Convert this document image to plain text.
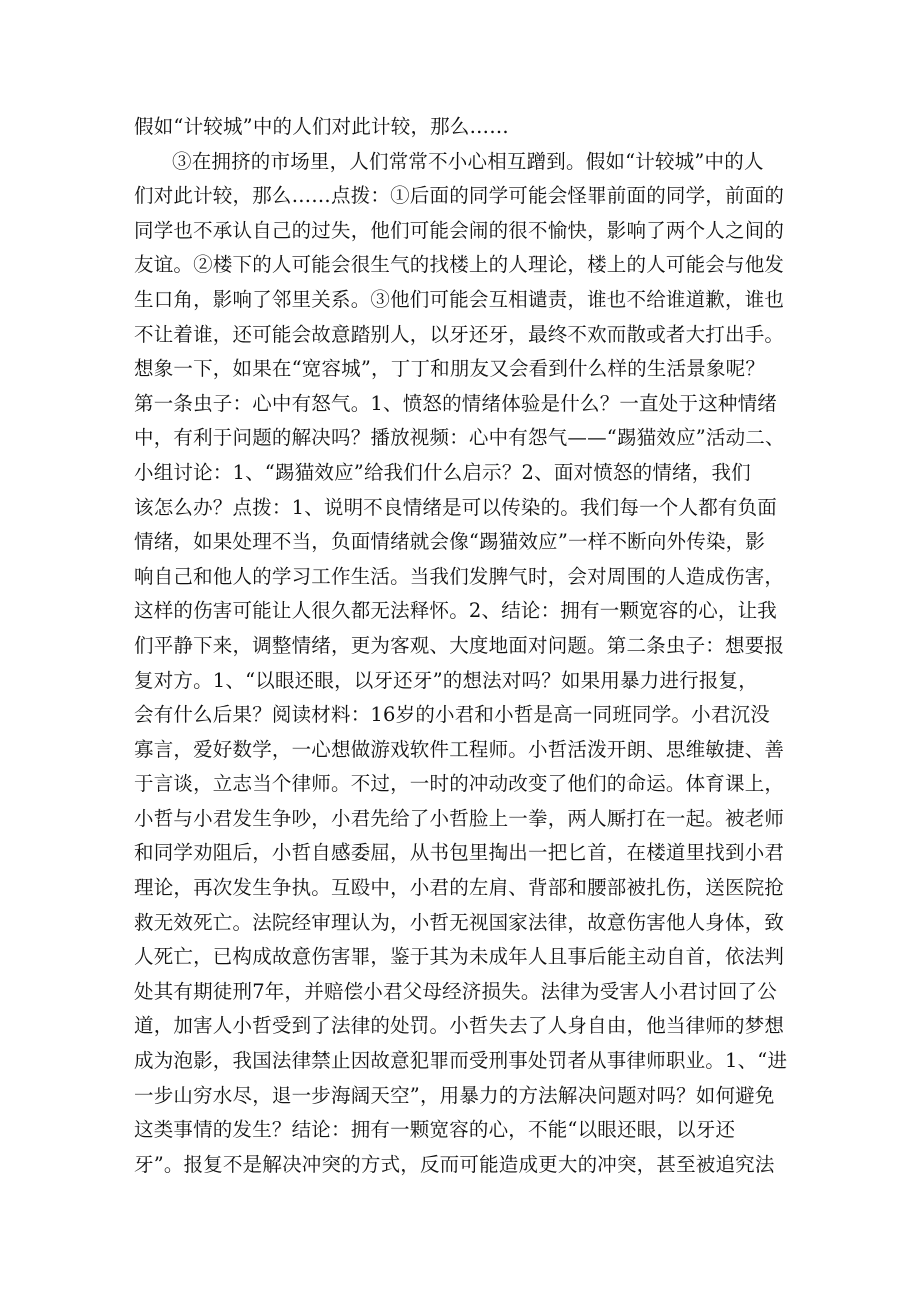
假如“计较城”中的人们对此计较，那么……
③在拥挤的市场里，人们常常不小心相互蹭到。假如“计较城”中的人
们对此计较，那么……点拨：①后面的同学可能会怪罪前面的同学，前面的
同学也不承认自己的过失，他们可能会闹的很不愉快，影响了两个人之间的
友谊。②楼下的人可能会很生气的找楼上的人理论，楼上的人可能会与他发
生口角，影响了邻里关系。③他们可能会互相谴责，谁也不给谁道歉，谁也
不让着谁，还可能会故意踏别人，以牙还牙，最终不欢而散或者大打出手。
想象一下，如果在“宽容城”，丁丁和朋友又会看到什么样的生活景象呢？
第一条虫子：心中有怒气。1、愤怒的情绪体验是什么？一直处于这种情绪
中，有利于问题的解决吗？播放视频：心中有怨气——“踢猫效应”活动二、
小组讨论：1、“踢猫效应”给我们什么启示？2、面对愤怒的情绪，我们
该怎么办？点拨：1、说明不良情绪是可以传染的。我们每一个人都有负面
情绪，如果处理不当，负面情绪就会像“踢猫效应”一样不断向外传染，影
响自己和他人的学习工作生活。当我们发脾气时，会对周围的人造成伤害，
这样的伤害可能让人很久都无法释怀。2、结论：拥有一颗宽容的心，让我
们平静下来，调整情绪，更为客观、大度地面对问题。第二条虫子：想要报
复对方。1、“以眼还眼，以牙还牙”的想法对吗？如果用暴力进行报复，
会有什么后果？阅读材料：16岁的小君和小哲是高一同班同学。小君沉没
寡言，爱好数学，一心想做游戏软件工程师。小哲活泼开朗、思维敏捷、善
于言谈，立志当个律师。不过，一时的冲动改变了他们的命运。体育课上，
小哲与小君发生争吵，小君先给了小哲脸上一拳，两人厮打在一起。被老师
和同学劝阻后，小哲自感委屈，从书包里掏出一把匕首，在楼道里找到小君
理论，再次发生争执。互殴中，小君的左肩、背部和腰部被扎伤，送医院抢
救无效死亡。法院经审理认为，小哲无视国家法律，故意伤害他人身体，致
人死亡，已构成故意伤害罪，鉴于其为未成年人且事后能主动自首，依法判
处其有期徒刑7年，并赔偿小君父母经济损失。法律为受害人小君讨回了公
道，加害人小哲受到了法律的处罚。小哲失去了人身自由，他当律师的梦想
成为泡影，我国法律禁止因故意犯罪而受刑事处罚者从事律师职业。1、“进
一步山穷水尽，退一步海阔天空”，用暴力的方法解决问题对吗？如何避免
这类事情的发生？结论：拥有一颗宽容的心，不能“以眼还眼，以牙还
牙”。报复不是解决冲突的方式，反而可能造成更大的冲突，甚至被追究法
